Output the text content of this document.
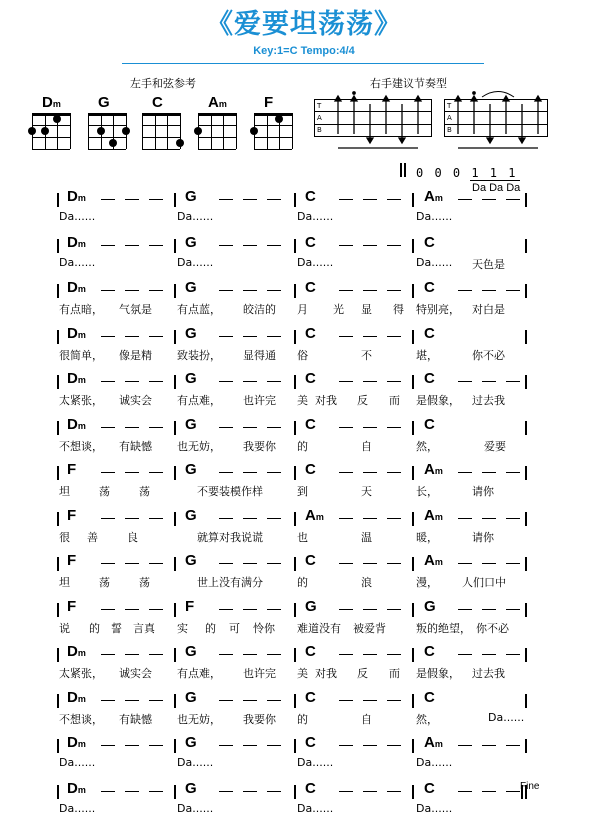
《爱要坦荡荡》
Key:1=C Tempo:4/4
左手和弦参考	右手建议节奏型
Dm G	C	Am F	T
A
B
T
A
B
0 0 0 1 1 1
Da Da Da
Dm
Da......
G
Da......
C
Da......
Am
Da......
Dm
Da......
G
Da......
C
Da......
C
Da...... 天色是
Dm
有点暗， 气氛是
G
有点蓝， 皎洁的
C
月 光 显 得
C
特别亮， 对白是
Dm
很简单， 像是精
G
致装扮， 显得通
C
俗	不
C
堪，	你不必
Dm
太紧张， 诚实会
G
有点难， 也许完
C
美 对我 反 而
C
是假象， 过去我
Dm
不想谈， 有缺憾
G
也无妨， 我要你
C
的	自
C
然，	爱要
F
坦	荡	荡
G
不要装模作样
C
到	天
Am
长，	请你
F
很 善	良
G
就算对我说谎
Am
也	温
Am
暖，	请你
F
坦	荡	荡
G
世上没有满分
C
的	浪
Am
漫， 人们口中
F
说 的 誓 言真
F
实 的 可 怜你
G
难道没有 被爱背
G
叛的绝望， 你不必
Dm
太紧张， 诚实会
G
有点难， 也许完
C
美 对我 反 而
C
是假象， 过去我
Dm
不想谈， 有缺憾
G
也无妨， 我要你
C
的	自
C
然，	Da......
Dm
Da......
G
Da......
C
Da......
Am
Da......
Dm
Da......
G
Da......
C
Da......
C
Da......
Fine
